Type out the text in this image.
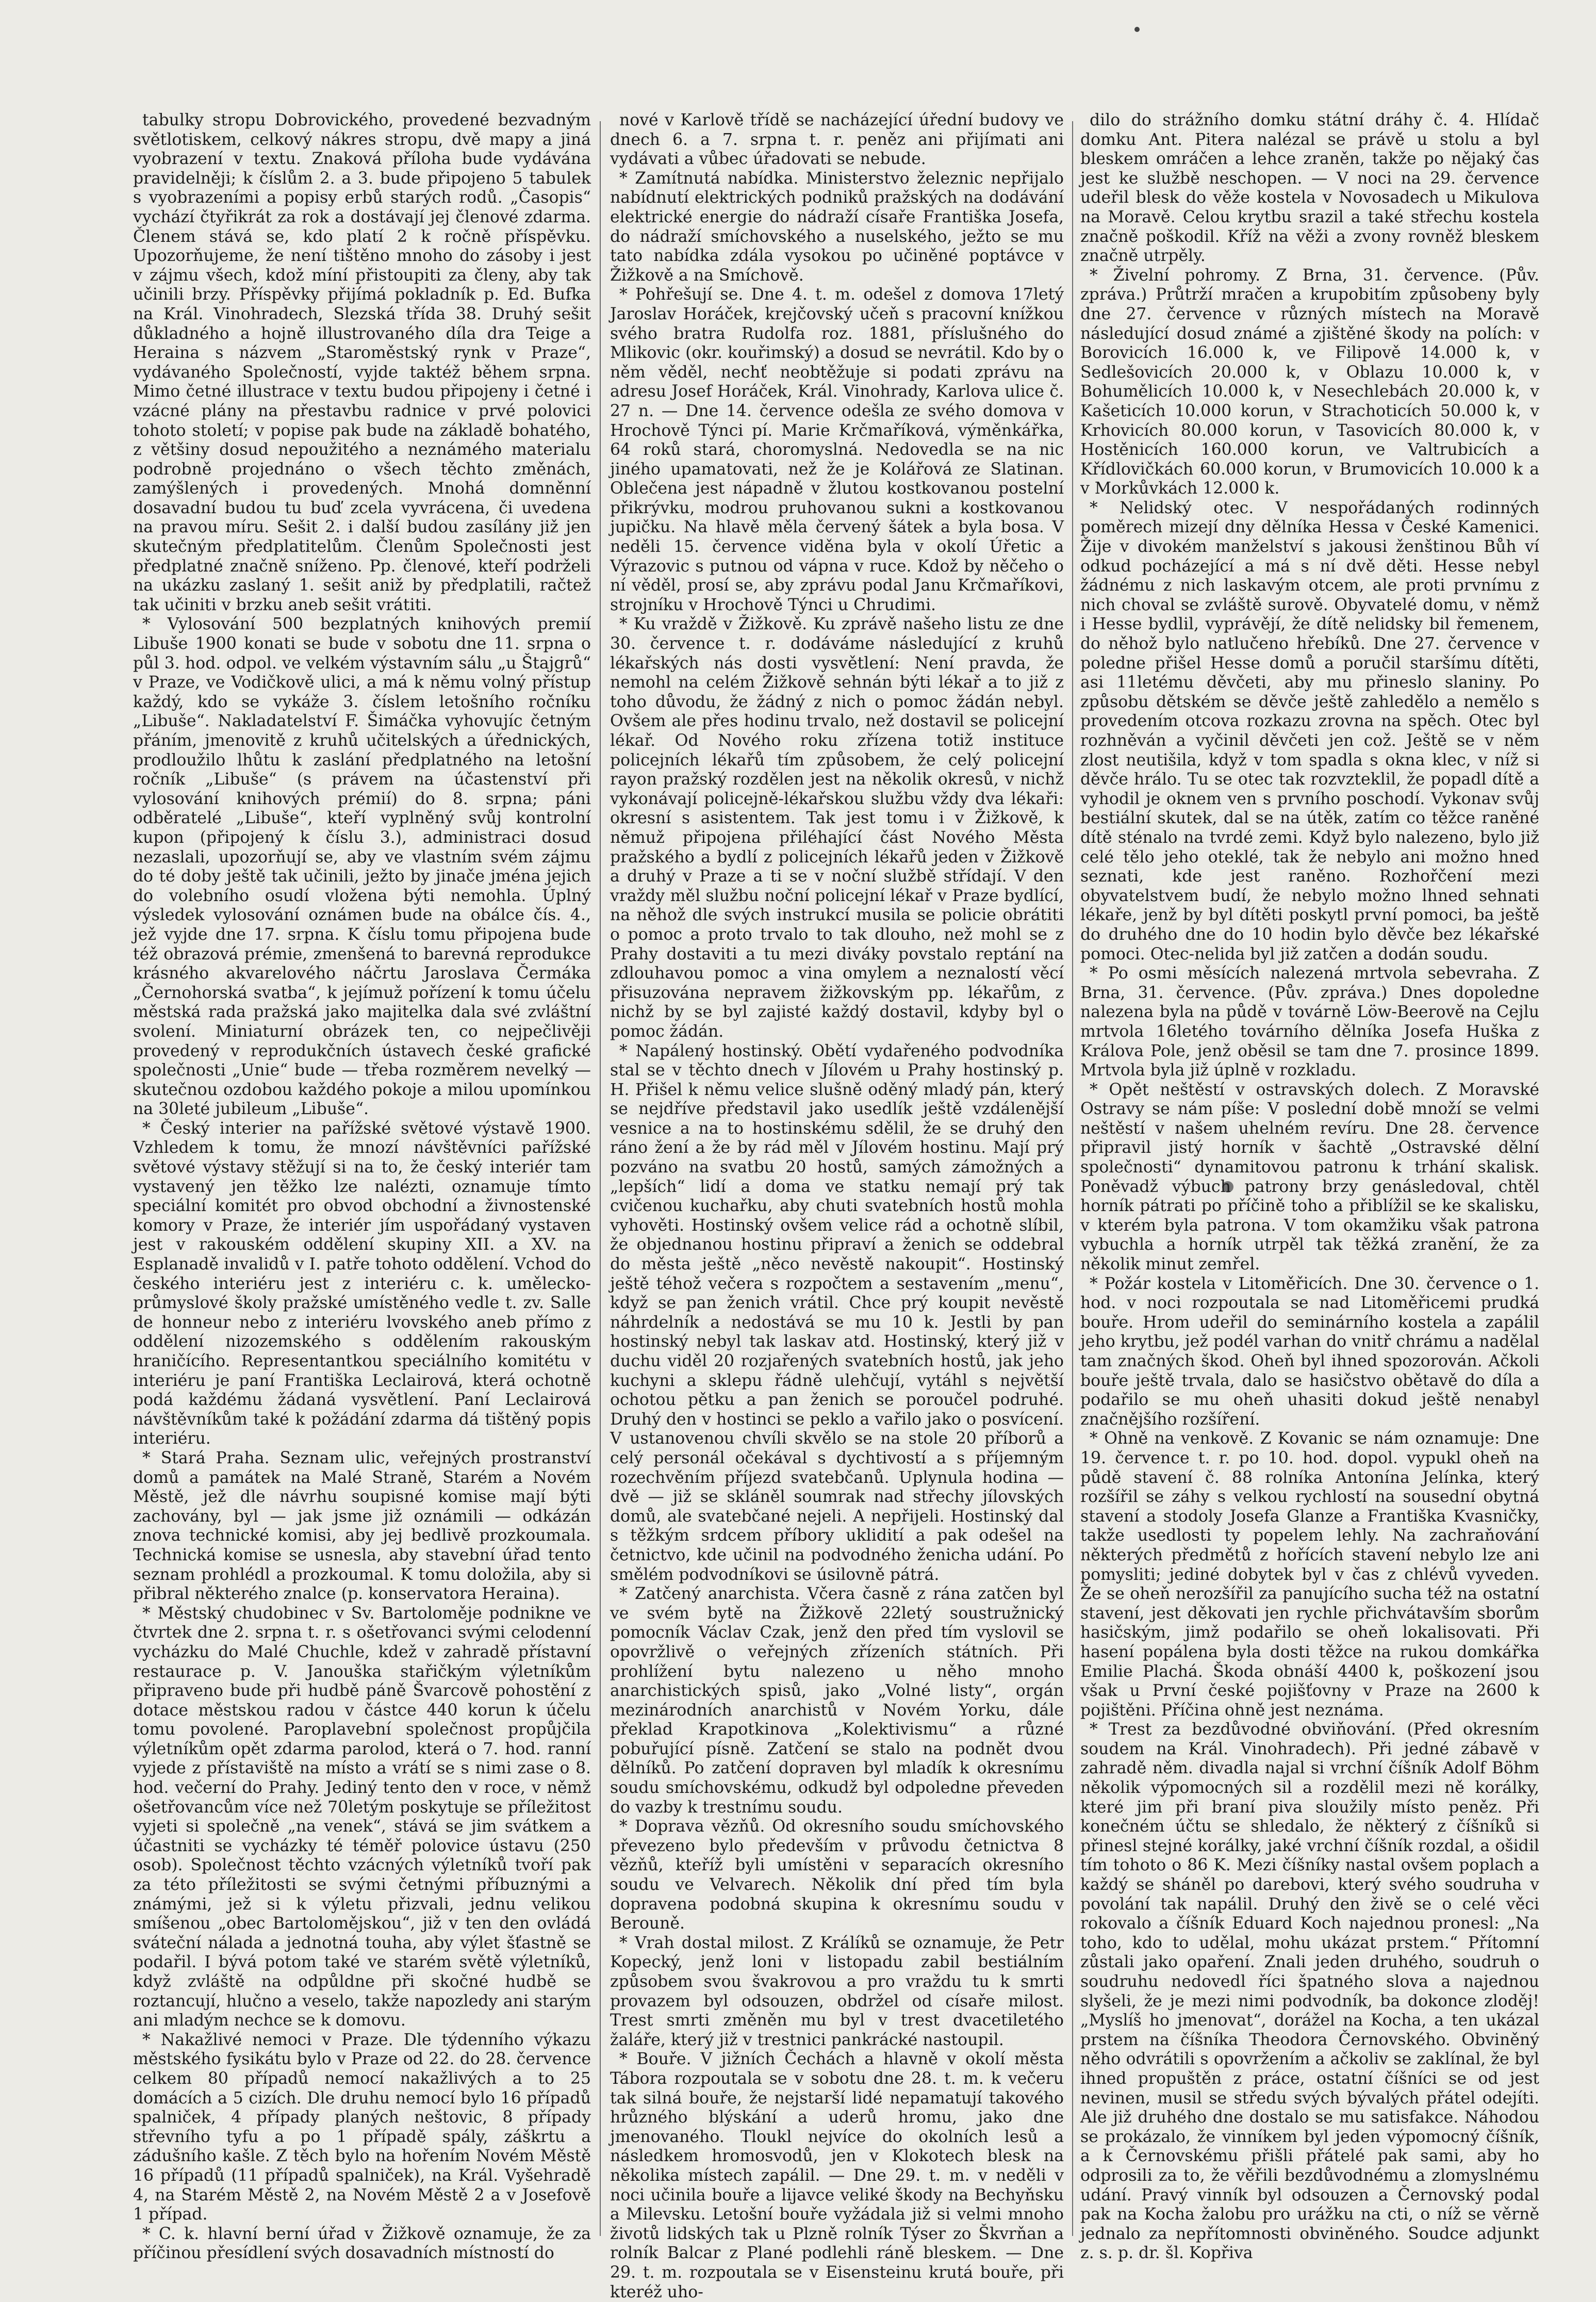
tabulky stropu Dobrovického, provedené bezvadným světlotiskem, celkový nákres stropu, dvě mapy a jiná vyobrazení v textu. Znaková příloha bude vydávána pravidelněji; k číslům 2. a 3. bude připojeno 5 tabulek s vyobrazeními a popisy erbů starých rodů. „Časopis“ vychází čtyřikrát za rok a dostávají jej členové zdarma. Členem stává se, kdo platí 2 k ročně příspěvku. Upozorňujeme, že není tištěno mnoho do zásoby i jest v zájmu všech, kdož míní přistoupiti za členy, aby tak učinili brzy. Příspěvky přijímá pokladník p. Ed. Bufka na Král. Vinohradech, Slezská třída 38. Druhý sešit důkladného a hojně illustrovaného díla dra Teige a Heraina s názvem „Staroměstský rynk v Praze“, vydávaného Společností, vyjde taktéž během srpna. Mimo četné illustrace v textu budou připojeny i četné i vzácné plány na přestavbu radnice v prvé polovici tohoto století; v popise pak bude na základě bohatého, z většiny dosud nepoužitého a neznámého materialu podrobně projednáno o všech těchto změnách, zamýšlených i provedených. Mnohá domněnní dosavadní budou tu buď zcela vyvrácena, či uvedena na pravou míru. Sešit 2. i další budou zasílány již jen skutečným předplatitelům. Členům Společnosti jest předplatné značně sníženo. Pp. členové, kteří podrželi na ukázku zaslaný 1. sešit aniž by předplatili, račtež tak učiniti v brzku aneb sešit vrátiti.

* Vylosování 500 bezplatných knihových premií Libuše 1900 konati se bude v sobotu dne 11. srpna o půl 3. hod. odpol. ve velkém výstavním sálu „u Štajgrů“ v Praze, ve Vodičkově ulici, a má k němu volný přístup každý, kdo se vykáže 3. číslem letošního ročníku „Libuše“. Nakladatelství F. Šimáčka vyhovujíc četným přáním, jmenovitě z kruhů učitelských a úřednických, prodloužilo lhůtu k zaslání předplatného na letošní ročník „Libuše“ (s právem na účastenství při vylosování knihových prémií) do 8. srpna; páni odběratelé „Libuše“, kteří vyplněný svůj kontrolní kupon (připojený k číslu 3.), administraci dosud nezaslali, upozorňují se, aby ve vlastním svém zájmu do té doby ještě tak učinili, ježto by jinače jména jejich do volebního osudí vložena býti nemohla. Úplný výsledek vylosování oznámen bude na obálce čís. 4., jež vyjde dne 17. srpna. K číslu tomu připojena bude též obrazová prémie, zmenšená to barevná reprodukce krásného akvarelového náčrtu Jaroslava Čermáka „Černohorská svatba“, k jejímuž pořízení k tomu účelu městská rada pražská jako majitelka dala své zvláštní svolení. Miniaturní obrázek ten, co nejpečlivěji provedený v reprodukčních ústavech české grafické společnosti „Unie“ bude — třeba rozměrem nevelký — skutečnou ozdobou každého pokoje a milou upomínkou na 30leté jubileum „Libuše“.

* Český interier na pařížské světové výstavě 1900. Vzhledem k tomu, že mnozí návštěvníci pařížské světové výstavy stěžují si na to, že český interiér tam vystavený jen těžko lze nalézti, oznamuje tímto speciální komitét pro obvod obchodní a živnostenské komory v Praze, že interiér jím uspořádaný vystaven jest v rakouském oddělení skupiny XII. a XV. na Esplanadě invalidů v I. patře tohoto oddělení. Vchod do českého interiéru jest z interiéru c. k. umělecko-průmyslové školy pražské umístěného vedle t. zv. Salle de honneur nebo z interiéru lvovského aneb přímo z oddělení nizozemského s oddělením rakouským hraničícího. Representantkou speciálního komitétu v interiéru je paní Františka Leclairová, která ochotně podá každému žádaná vysvětlení. Paní Leclairová návštěvníkům také k požádání zdarma dá tištěný popis interiéru.

* Stará Praha. Seznam ulic, veřejných prostranství domů a památek na Malé Straně, Starém a Novém Městě, jež dle návrhu soupisné komise mají býti zachovány, byl — jak jsme již oznámili — odkázán znova technické komisi, aby jej bedlivě prozkoumala. Technická komise se usnesla, aby stavební úřad tento seznam prohlédl a prozkoumal. K tomu doložila, aby si přibral některého znalce (p. konservatora Heraina).

* Městský chudobinec v Sv. Bartoloměje podnikne ve čtvrtek dne 2. srpna t. r. s ošetřovanci svými celodenní vycházku do Malé Chuchle, kdež v zahradě přístavní restaurace p. V. Janouška stařičkým výletníkům připraveno bude při hudbě páně Švarcově pohostění z dotace městskou radou v částce 440 korun k účelu tomu povolené. Paroplavební společnost propůjčila výletníkům opět zdarma parolod, která o 7. hod. ranní vyjede z přístaviště na místo a vrátí se s nimi zase o 8. hod. večerní do Prahy. Jediný tento den v roce, v němž ošetřovancům více než 70letým poskytuje se příležitost vyjeti si společně „na venek“, stává se jim svátkem a účastniti se vycházky té téměř polovice ústavu (250 osob). Společnost těchto vzácných výletníků tvoří pak za této příležitosti se svými četnými příbuznými a známými, jež si k výletu přizvali, jednu velikou smíšenou „obec Bartolomějskou“, již v ten den ovládá sváteční nálada a jednotná touha, aby výlet šťastně se podařil. I bývá potom také ve starém světě výletníků, když zvláště na odpůldne při skočné hudbě se roztancují, hlučno a veselo, takže napozledy ani starým ani mladým nechce se k domovu.

* Nakažlivé nemoci v Praze. Dle týdenního výkazu městského fysikátu bylo v Praze od 22. do 28. července celkem 80 případů nemocí nakažlivých a to 25 domácích a 5 cizích. Dle druhu nemocí bylo 16 případů spalniček, 4 případy planých neštovic, 8 případy střevního tyfu a po 1 případě spály, záškrtu a zádušního kašle. Z těch bylo na hořením Novém Městě 16 případů (11 případů spalniček), na Král. Vyšehradě 4, na Starém Městě 2, na Novém Městě 2 a v Josefově 1 případ.

* C. k. hlavní berní úřad v Žižkově oznamuje, že za příčinou přesídlení svých dosavadních místností do

nové v Karlově třídě se nacházející úřední budovy ve dnech 6. a 7. srpna t. r. peněz ani přijímati ani vydávati a vůbec úřadovati se nebude.

* Zamítnutá nabídka. Ministerstvo železnic nepřijalo nabídnutí elektrických podniků pražských na dodávání elektrické energie do nádraží císaře Františka Josefa, do nádraží smíchovského a nuselského, ježto se mu tato nabídka zdála vysokou po učiněné poptávce v Žižkově a na Smíchově.

* Pohřešují se. Dne 4. t. m. odešel z domova 17letý Jaroslav Horáček, krejčovský učeň s pracovní knížkou svého bratra Rudolfa roz. 1881, příslušného do Mlikovic (okr. kouřimský) a dosud se nevrátil. Kdo by o něm věděl, nechť neobtěžuje si podati zprávu na adresu Josef Horáček, Král. Vinohrady, Karlova ulice č. 27 n. — Dne 14. července odešla ze svého domova v Hrochově Týnci pí. Marie Krčmaříková, výměnkářka, 64 roků stará, choromyslná. Nedovedla se na nic jiného upamatovati, než že je Kolářová ze Slatinan. Oblečena jest nápadně v žlutou kostkovanou postelní přikrývku, modrou pruhovanou sukni a kostkovanou jupičku. Na hlavě měla červený šátek a byla bosa. V neděli 15. července viděna byla v okolí Úřetic a Výrazovic s putnou od vápna v ruce. Kdož by něčeho o ní věděl, prosí se, aby zprávu podal Janu Krčmaříkovi, strojníku v Hrochově Týnci u Chrudimi.

* Ku vraždě v Žižkově. Ku zprávě našeho listu ze dne 30. července t. r. dodáváme následující z kruhů lékařských nás dosti vysvětlení: Není pravda, že nemohl na celém Žižkově sehnán býti lékař a to již z toho důvodu, že žádný z nich o pomoc žádán nebyl. Ovšem ale přes hodinu trvalo, než dostavil se policejní lékař. Od Nového roku zřízena totiž instituce policejních lékařů tím způsobem, že celý policejní rayon pražský rozdělen jest na několik okresů, v nichž vykonávají policejně-lékařskou službu vždy dva lékaři: okresní s asistentem. Tak jest tomu i v Žižkově, k němuž připojena přiléhající část Nového Města pražského a bydlí z policejních lékařů jeden v Žižkově a druhý v Praze a ti se v noční službě střídají. V den vraždy měl službu noční policejní lékař v Praze bydlící, na něhož dle svých instrukcí musila se policie obrátiti o pomoc a proto trvalo to tak dlouho, než mohl se z Prahy dostaviti a tu mezi diváky povstalo reptání na zdlouhavou pomoc a vina omylem a neznalostí věcí přisuzována nepravem žižkovským pp. lékařům, z nichž by se byl zajisté každý dostavil, kdyby byl o pomoc žádán.

* Napálený hostinský. Obětí vydařeného podvodníka stal se v těchto dnech v Jílovém u Prahy hostinský p. H. Přišel k němu velice slušně oděný mladý pán, který se nejdříve představil jako usedlík ještě vzdálenější vesnice a na to hostinskému sdělil, že se druhý den ráno žení a že by rád měl v Jílovém hostinu. Mají prý pozváno na svatbu 20 hostů, samých zámožných a „lepších“ lidí a doma ve statku nemají prý tak cvičenou kuchařku, aby chuti svatebních hostů mohla vyhověti. Hostinský ovšem velice rád a ochotně slíbil, že objednanou hostinu připraví a ženich se oddebral do města ještě „něco nevěstě nakoupit“. Hostinský ještě téhož večera s rozpočtem a sestavením „menu“, když se pan ženich vrátil. Chce prý koupit nevěstě náhrdelník a nedostává se mu 10 k. Jestli by pan hostinský nebyl tak laskav atd. Hostinský, který již v duchu viděl 20 rozjařených svatebních hostů, jak jeho kuchyni a sklepu řádně ulehčují, vytáhl s největší ochotou pětku a pan ženich se poroučel podruhé. Druhý den v hostinci se peklo a vařilo jako o posvícení. V ustanovenou chvíli skvělo se na stole 20 příborů a celý personál očekával s dychtivostí a s příjemným rozechvěním příjezd svatebčanů. Uplynula hodina — dvě — již se skláněl soumrak nad střechy jílovských domů, ale svatebčané nejeli. A nepřijeli. Hostinský dal s těžkým srdcem příbory uklidití a pak odešel na četnictvo, kde učinil na podvodného ženicha udání. Po smělém podvodníkovi se úsilovně pátrá.

* Zatčený anarchista. Včera časně z rána zatčen byl ve svém bytě na Žižkově 22letý soustružnický pomocník Václav Czak, jenž den před tím vyslovil se opovržlivě o veřejných zřízeních státních. Při prohlížení bytu nalezeno u něho mnoho anarchistických spisů, jako „Volné listy“, orgán mezinárodních anarchistů v Novém Yorku, dále překlad Krapotkinova „Kolektivismu“ a různé pobuřující písně. Zatčení se stalo na podnět dvou dělníků. Po zatčení dopraven byl mladík k okresnímu soudu smíchovskému, odkudž byl odpoledne převeden do vazby k trestnímu soudu.

* Doprava vězňů. Od okresního soudu smíchovského převezeno bylo především v průvodu četnictva 8 vězňů, kteříž byli umístěni v separacích okresního soudu ve Velvarech. Několik dní před tím byla dopravena podobná skupina k okresnímu soudu v Berouně.

* Vrah dostal milost. Z Králíků se oznamuje, že Petr Kopecký, jenž loni v listopadu zabil bestiálním způsobem svou švakrovou a pro vraždu tu k smrti provazem byl odsouzen, obdržel od císaře milost. Trest smrti změněn mu byl v trest dvacetiletého žaláře, který již v trestnici pankrácké nastoupil.

* Bouře. V jižních Čechách a hlavně v okolí města Tábora rozpoutala se v sobotu dne 28. t. m. k večeru tak silná bouře, že nejstarší lidé nepamatují takového hrůzného blýskání a uderů hromu, jako dne jmenovaného. Tloukl nejvíce do okolních lesů a následkem hromosvodů, jen v Klokotech blesk na několika místech zapálil. — Dne 29. t. m. v neděli v noci učinila bouře a lijavce veliké škody na Bechyňsku a Milevsku. Letošní bouře vyžádala již si velmi mnoho životů lidských tak u Plzně rolník Týser zo Škvrňan a rolník Balcar z Plané podlehli ráně bleskem. — Dne 29. t. m. rozpoutala se v Eisensteinu krutá bouře, při kteréž uho-

dilo do strážního domku státní dráhy č. 4. Hlídač domku Ant. Pitera nalézal se právě u stolu a byl bleskem omráčen a lehce zraněn, takže po nějaký čas jest ke službě neschopen. — V noci na 29. července udeřil blesk do věže kostela v Novosadech u Mikulova na Moravě. Celou krytbu srazil a také střechu kostela značně poškodil. Kříž na věži a zvony rovněž bleskem značně utrpěly.

* Živelní pohromy. Z Brna, 31. července. (Pův. zpráva.) Průtrží mračen a krupobitím způsobeny byly dne 27. července v různých místech na Moravě následující dosud známé a zjištěné škody na polích: v Borovicích 16.000 k, ve Filipově 14.000 k, v Sedlešovicích 20.000 k, v Oblazu 10.000 k, v Bohumělicích 10.000 k, v Nesechlebách 20.000 k, v Kašeticích 10.000 korun, v Strachoticích 50.000 k, v Krhovicích 80.000 korun, v Tasovicích 80.000 k, v Hostěnicích 160.000 korun, ve Valtrubicích a Křídlovičkách 60.000 korun, v Brumovicích 10.000 k a v Morkůvkách 12.000 k.

* Nelidský otec. V nespořádaných rodinných poměrech mizejí dny dělníka Hessa v České Kamenici. Žije v divokém manželství s jakousi ženštinou Bůh ví odkud pocházející a má s ní dvě děti. Hesse nebyl žádnému z nich laskavým otcem, ale proti prvnímu z nich choval se zvláště surově. Obyvatelé domu, v němž i Hesse bydlil, vyprávějí, že dítě nelidsky bil řemenem, do něhož bylo natlučeno hřebíků. Dne 27. července v poledne přišel Hesse domů a poručil staršímu dítěti, asi 11letému děvčeti, aby mu přineslo slaniny. Po způsobu dětském se děvče ještě zahledělo a nemělo s provedením otcova rozkazu zrovna na spěch. Otec byl rozhněván a vyčinil děvčeti jen což. Ještě se v něm zlost neutišila, když v tom spadla s okna klec, v níž si děvče hrálo. Tu se otec tak rozvzteklil, že popadl dítě a vyhodil je oknem ven s prvního poschodí. Vykonav svůj bestiální skutek, dal se na útěk, zatím co těžce raněné dítě sténalo na tvrdé zemi. Když bylo nalezeno, bylo již celé tělo jeho oteklé, tak že nebylo ani možno hned seznati, kde jest raněno. Rozhořčení mezi obyvatelstvem budí, že nebylo možno lhned sehnati lékaře, jenž by byl dítěti poskytl první pomoci, ba ještě do druhého dne do 10 hodin bylo děvče bez lékařské pomoci. Otec-nelida byl již zatčen a dodán soudu.

* Po osmi měsících nalezená mrtvola sebevraha. Z Brna, 31. července. (Pův. zpráva.) Dnes dopoledne nalezena byla na půdě v továrně Löw-Beerově na Cejlu mrtvola 16letého továrního dělníka Josefa Huška z Králova Pole, jenž oběsil se tam dne 7. prosince 1899. Mrtvola byla již úplně v rozkladu.

* Opět neštěstí v ostravských dolech. Z Moravské Ostravy se nám píše: V poslední době množí se velmi neštěstí v našem uhelném revíru. Dne 28. července připravil jistý horník v šachtě „Ostravské dělní společnosti“ dynamitovou patronu k trhání skalisk. Poněvadž výbuch patrony brzy genásledoval, chtěl horník pátrati po příčině toho a přiblížil se ke skalisku, v kterém byla patrona. V tom okamžiku však patrona vybuchla a horník utrpěl tak těžká zranění, že za několik minut zemřel.

* Požár kostela v Litoměřicích. Dne 30. července o 1. hod. v noci rozpoutala se nad Litoměřicemi prudká bouře. Hrom udeřil do seminárního kostela a zapálil jeho krytbu, jež podél varhan do vnitř chrámu a nadělal tam značných škod. Oheň byl ihned spozorován. Ačkoli bouře ještě trvala, dalo se hasičstvo obětavě do díla a podařilo se mu oheň uhasiti dokud ještě nenabyl značnějšího rozšíření.

* Ohně na venkově. Z Kovanic se nám oznamuje: Dne 19. července t. r. po 10. hod. dopol. vypukl oheň na půdě stavení č. 88 rolníka Antonína Jelínka, který rozšířil se záhy s velkou rychlostí na sousední obytná stavení a stodoly Josefa Glanze a Františka Kvasničky, takže usedlosti ty popelem lehly. Na zachraňování některých předmětů z hořících stavení nebylo lze ani pomysliti; jediné dobytek byl v čas z chlévů vyveden. Že se oheň nerozšířil za panujícího sucha též na ostatní stavení, jest děkovati jen rychle přichvátavším sborům hasičským, jimž podařilo se oheň lokalisovati. Při hasení popálena byla dosti těžce na rukou domkářka Emilie Plachá. Škoda obnáší 4400 k, poškození jsou však u První české pojišťovny v Praze na 2600 k pojištěni. Příčina ohně jest neznáma.

* Trest za bezdůvodné obviňování. (Před okresním soudem na Král. Vinohradech). Při jedné zábavě v zahradě něm. divadla najal si vrchní číšník Adolf Böhm několik výpomocných sil a rozdělil mezi ně korálky, které jim při braní piva sloužily místo peněz. Při konečném účtu se shledalo, že některý z číšníků si přinesl stejné korálky, jaké vrchní číšník rozdal, a ošidil tím tohoto o 86 K. Mezi číšníky nastal ovšem poplach a každý se sháněl po darebovi, který svého soudruha v povolání tak napálil. Druhý den živě se o celé věci rokovalo a číšník Eduard Koch najednou pronesl: „Na toho, kdo to udělal, mohu ukázat prstem.“ Přítomní zůstali jako opaření. Znali jeden druhého, soudruh o soudruhu nedovedl říci špatného slova a najednou slyšeli, že je mezi nimi podvodník, ba dokonce zloděj! „Myslíš ho jmenovat“, dorážel na Kocha, a ten ukázal prstem na číšníka Theodora Černovského. Obviněný něho odvrátili s opovržením a ačkoliv se zaklínal, že byl ihned propuštěn z práce, ostatní číšníci se od jest nevinen, musil se středu svých bývalých přátel odejíti. Ale již druhého dne dostalo se mu satisfakce. Náhodou se prokázalo, že vinníkem byl jeden výpomocný číšník, a k Černovskému přišli přátelé pak sami, aby ho odprosili za to, že věřili bezdůvodnému a zlomyslnému udání. Pravý vinník byl odsouzen a Černovský podal pak na Kocha žalobu pro urážku na cti, o níž se věrně jednalo za nepřítomnosti obviněného. Soudce adjunkt z. s. p. dr. šl. Kopřiva
